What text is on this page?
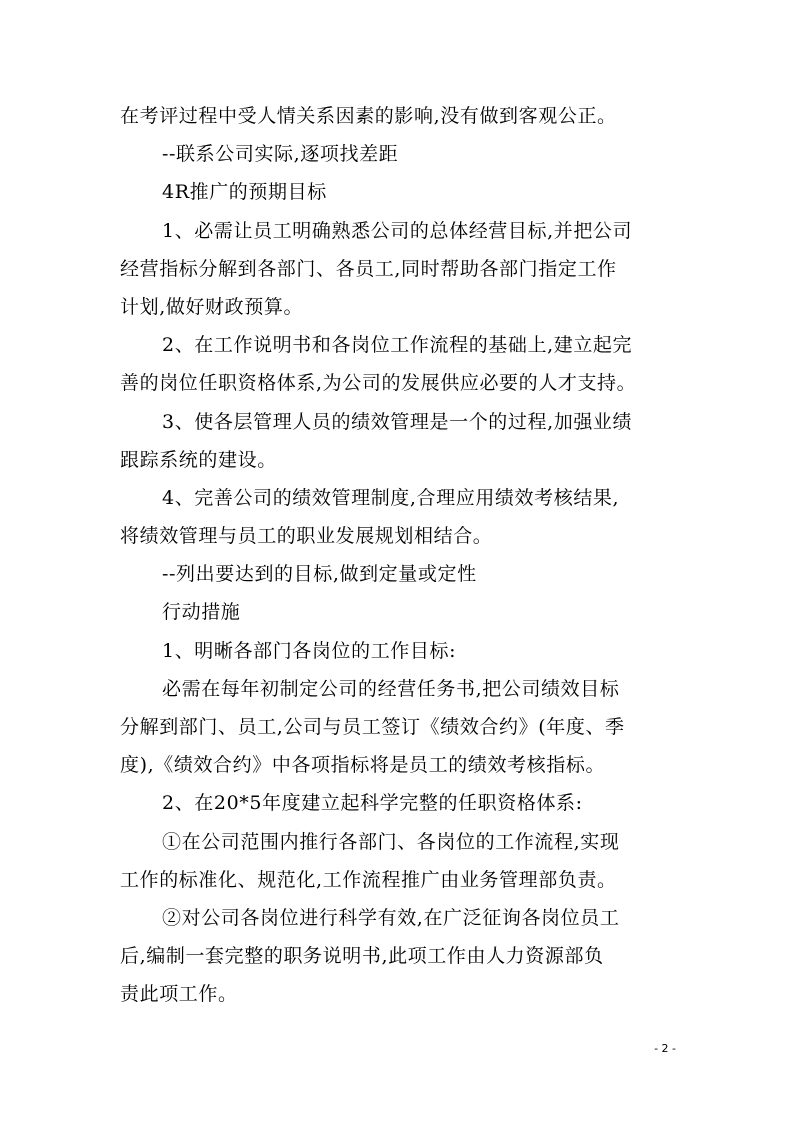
在考评过程中受人情关系因素的影响,没有做到客观公正。
--联系公司实际,逐项找差距
4R推广的预期目标
1、必需让员工明确熟悉公司的总体经营目标,并把公司
经营指标分解到各部门、各员工,同时帮助各部门指定工作
计划,做好财政预算。
2、在工作说明书和各岗位工作流程的基础上,建立起完
善的岗位任职资格体系,为公司的发展供应必要的人才支持。
3、使各层管理人员的绩效管理是一个的过程,加强业绩
跟踪系统的建设。
4、完善公司的绩效管理制度,合理应用绩效考核结果,
将绩效管理与员工的职业发展规划相结合。
--列出要达到的目标,做到定量或定性
行动措施
1、明晰各部门各岗位的工作目标:
必需在每年初制定公司的经营任务书,把公司绩效目标
分解到部门、员工,公司与员工签订《绩效合约》(年度、季
度),《绩效合约》中各项指标将是员工的绩效考核指标。
2、在20*5年度建立起科学完整的任职资格体系:
①在公司范围内推行各部门、各岗位的工作流程,实现
工作的标准化、规范化,工作流程推广由业务管理部负责。
②对公司各岗位进行科学有效,在广泛征询各岗位员工
后,编制一套完整的职务说明书,此项工作由人力资源部负
责此项工作。
- 2 -
